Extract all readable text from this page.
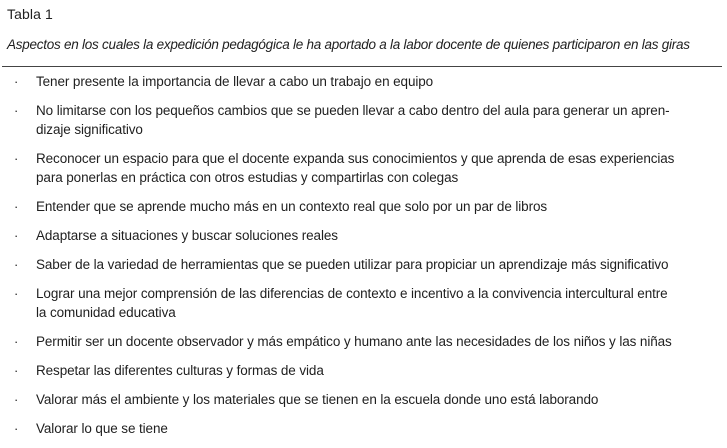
Tabla 1
Aspectos en los cuales la expedición pedagógica le ha aportado a la labor docente de quienes participaron en las giras
· Tener presente la importancia de llevar a cabo un trabajo en equipo
· No limitarse con los pequeños cambios que se pueden llevar a cabo dentro del aula para generar un apren-
dizaje significativo
· Reconocer un espacio para que el docente expanda sus conocimientos y que aprenda de esas experiencias
para ponerlas en práctica con otros estudias y compartirlas con colegas
· Entender que se aprende mucho más en un contexto real que solo por un par de libros
· Adaptarse a situaciones y buscar soluciones reales
· Saber de la variedad de herramientas que se pueden utilizar para propiciar un aprendizaje más significativo
· Lograr una mejor comprensión de las diferencias de contexto e incentivo a la convivencia intercultural entre
la comunidad educativa
· Permitir ser un docente observador y más empático y humano ante las necesidades de los niños y las niñas
· Respetar las diferentes culturas y formas de vida
· Valorar más el ambiente y los materiales que se tienen en la escuela donde uno está laborando
· Valorar lo que se tiene
